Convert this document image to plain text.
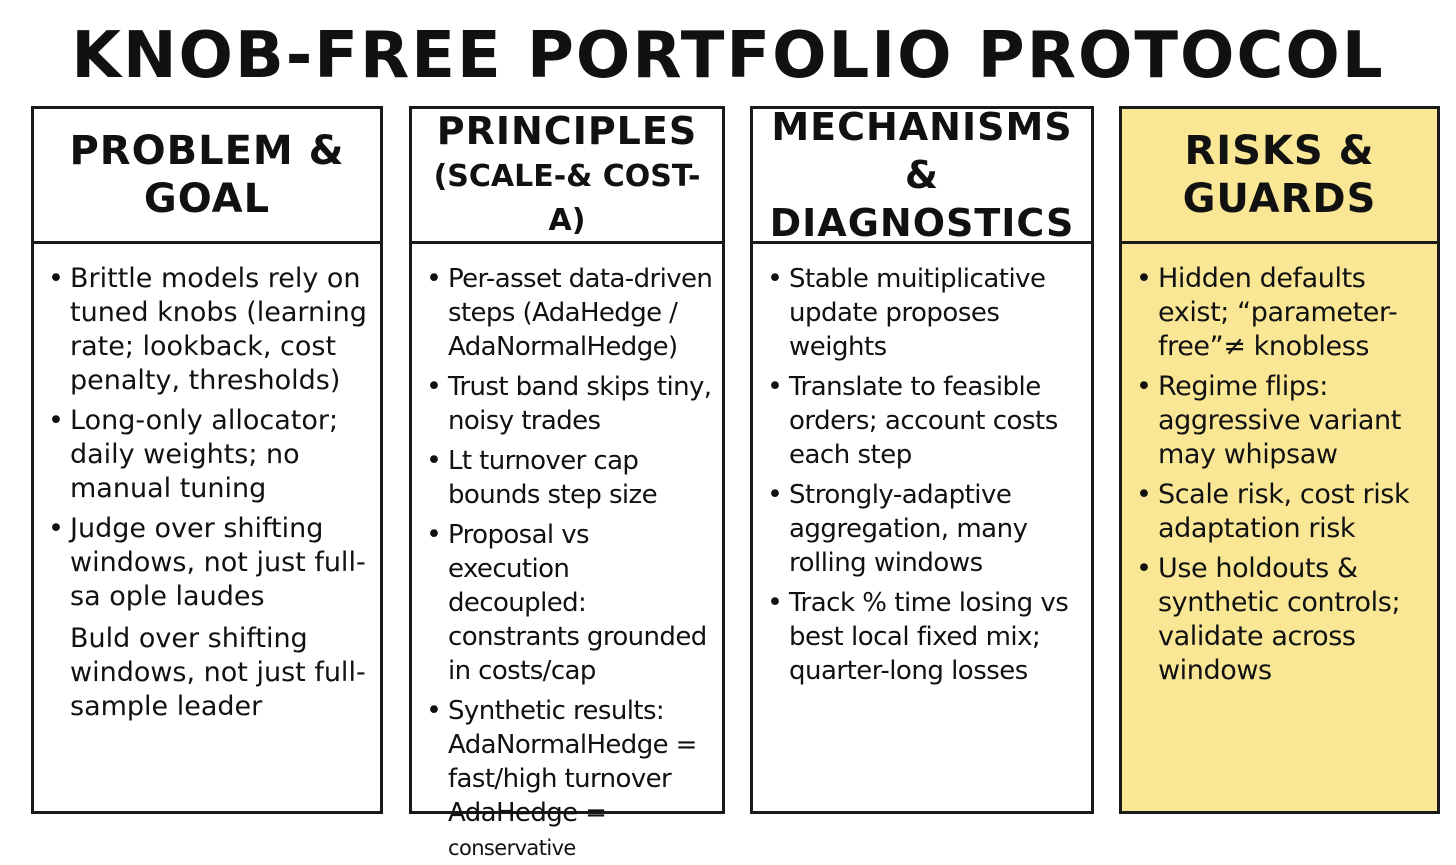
KNOB-FREE PORTFOLIO PROTOCOL
PROBLEM & GOAL
• Brittle models rely on tuned knobs (learning rate; lookback, cost penalty, thresholds)
• Long-only allocator; daily weights; no manual tuning
• Judge over shifting windows, not just full-sa ople laudes
Buld over shifting windows, not just full-sample leader
PRINCIPLES
(SCALE-& COST-A)
• Per-asset data-driven steps (AdaHedge / AdaNormalHedge)
• Trust band skips tiny, noisy trades
• Lt turnover cap bounds step size
• Proposal vs execution decoupled: constrants grounded in costs/cap
• Synthetic results: AdaNormalHedge = fast/high turnover
AdaHedge = conservative
MECHANISMS & DIAGNOSTICS
• Stable muitiplicative update proposes weights
• Translate to feasible orders; account costs each step
• Strongly-adaptive aggregation, many rolling windows
• Track % time losing vs best local fixed mix; quarter-long losses
RISKS & GUARDS
• Hidden defaults exist; “parameter-free”≠ knobless
• Regime flips: aggressive variant may whipsaw
• Scale risk, cost risk adaptation risk
• Use holdouts & synthetic controls; validate across windows
